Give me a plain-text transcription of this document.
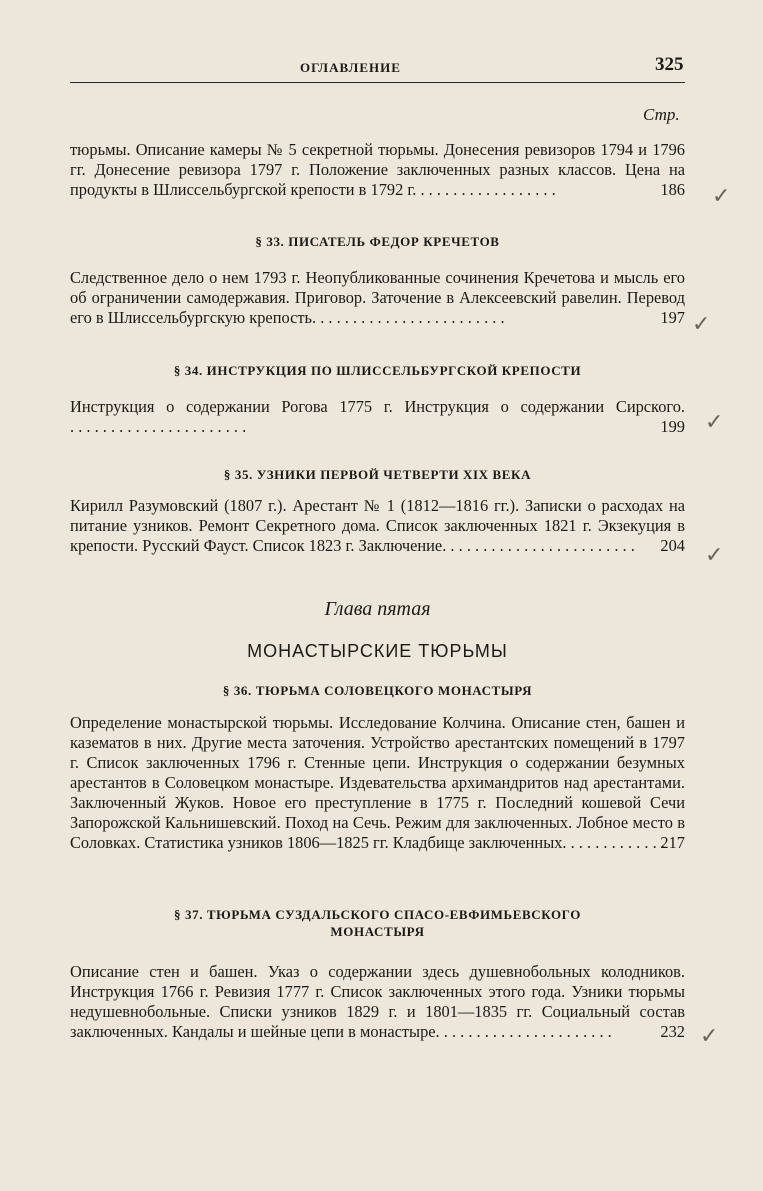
ОГЛАВЛЕНИЕ	325
Стр.
тюрьмы. Описание камеры № 5 секретной тюрьмы. Донесения ревизоров 1794 и 1796 гг. Донесение ревизора 1797 г. Положение заключенных разных классов. Цена на продукты в Шлиссельбургской крепости в 1792 г. . . . . . . . . . . . . . . . . .	186 ✓
§ 33. ПИСАТЕЛЬ ФЕДОР КРЕЧЕТОВ
Следственное дело о нем 1793 г. Неопубликованные сочинения Кречетова и мысль его об ограничении самодержавия. Приговор. Заточение в Алексеевский равелин. Перевод его в Шлиссельбургскую крепость. . . . . . . . . . . . . . . . . . . . . . . .	197 ✓
§ 34. ИНСТРУКЦИЯ ПО ШЛИССЕЛЬБУРГСКОЙ КРЕПОСТИ
Инструкция о содержании Рогова 1775 г. Инструкция о содержании Сирского. . . . . . . . . . . . . . . . . . . . . . .	199 ✓
§ 35. УЗНИКИ ПЕРВОЙ ЧЕТВЕРТИ XIX ВЕКА
Кирилл Разумовский (1807 г.). Арестант № 1 (1812—1816 гг.). Записки о расходах на питание узников. Ремонт Секретного дома. Список заключенных 1821 г. Экзекуция в крепости. Русский Фауст. Список 1823 г. Заключение. . . . . . . . . . . . . . . . . . . . . . . . 204 ✓
Глава пятая
МОНАСТЫРСКИЕ ТЮРЬМЫ
§ 36. ТЮРЬМА СОЛОВЕЦКОГО МОНАСТЫРЯ
Определение монастырской тюрьмы. Исследование Колчина. Описание стен, башен и казематов в них. Другие места заточения. Устройство арестантских помещений в 1797 г. Список заключенных 1796 г. Стенные цепи. Инструкция о содержании безумных арестантов в Соловецком монастыре. Издевательства архимандритов над арестантами. Заключенный Жуков. Новое его преступление в 1775 г. Последний кошевой Сечи Запорожской Кальнишевский. Поход на Сечь. Режим для заключенных. Лобное место в Соловках. Статистика узников 1806—1825 гг. Кладбище заключенных. . . . . . . . . . . . .
217
§ 37. ТЮРЬМА СУЗДАЛЬСКОГО СПАСО-ЕВФИМЬЕВСКОГО МОНАСТЫРЯ
Описание стен и башен. Указ о содержании здесь душевнобольных колодников. Инструкция 1766 г. Ревизия 1777 г. Список заключенных этого года. Узники тюрьмы недушевнобольные. Списки узников 1829 г. и 1801—1835 гг. Социальный состав заключенных. Кандалы и шейные цепи в монастыре. . . . . . . . . . . . . . . . . . . . . .	232 ✓
